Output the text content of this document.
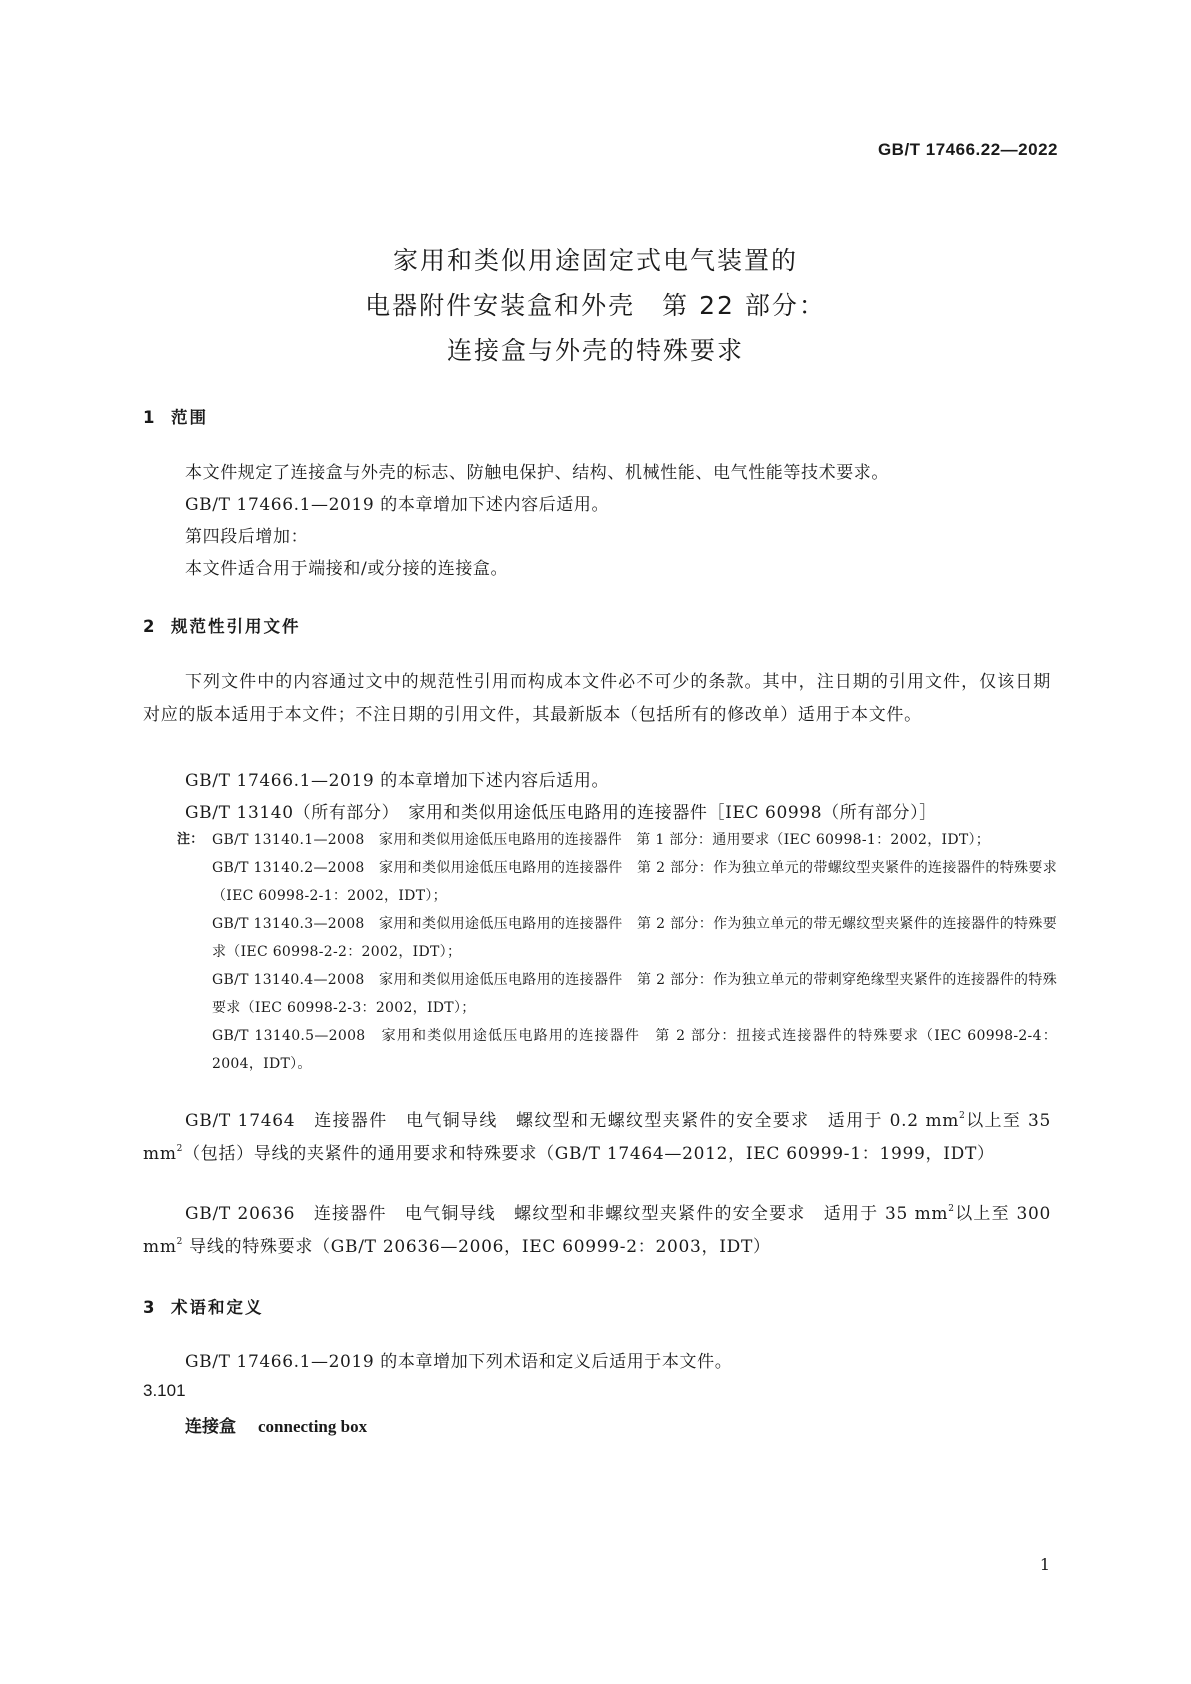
GB/T 17466.22—2022
家用和类似用途固定式电气装置的
电器附件安装盒和外壳　第 22 部分：
连接盒与外壳的特殊要求
1 范围
本文件规定了连接盒与外壳的标志、防触电保护、结构、机械性能、电气性能等技术要求。
GB/T 17466.1—2019 的本章增加下述内容后适用。
第四段后增加：
本文件适合用于端接和/或分接的连接盒。
2 规范性引用文件
下列文件中的内容通过文中的规范性引用而构成本文件必不可少的条款。其中，注日期的引用文件，仅该日期对应的版本适用于本文件；不注日期的引用文件，其最新版本（包括所有的修改单）适用于本文件。
GB/T 17466.1—2019 的本章增加下述内容后适用。
GB/T 13140（所有部分）　家用和类似用途低压电路用的连接器件［IEC 60998（所有部分）］
注： GB/T 13140.1—2008　家用和类似用途低压电路用的连接器件　第 1 部分：通用要求（IEC 60998-1：2002，IDT）；
GB/T 13140.2—2008　家用和类似用途低压电路用的连接器件　第 2 部分：作为独立单元的带螺纹型夹紧件的连接器件的特殊要求（IEC 60998-2-1：2002，IDT）；
GB/T 13140.3—2008　家用和类似用途低压电路用的连接器件　第 2 部分：作为独立单元的带无螺纹型夹紧件的连接器件的特殊要求（IEC 60998-2-2：2002，IDT）；
GB/T 13140.4—2008　家用和类似用途低压电路用的连接器件　第 2 部分：作为独立单元的带刺穿绝缘型夹紧件的连接器件的特殊要求（IEC 60998-2-3：2002，IDT）；
GB/T 13140.5—2008　家用和类似用途低压电路用的连接器件　第 2 部分：扭接式连接器件的特殊要求（IEC 60998-2-4：2004，IDT）。
GB/T 17464　连接器件　电气铜导线　螺纹型和无螺纹型夹紧件的安全要求　适用于 0.2 $mm^2$以上至 35 $mm^2$（包括）导线的夹紧件的通用要求和特殊要求（GB/T 17464—2012，IEC 60999-1：1999，IDT）
GB/T 20636　连接器件　电气铜导线　螺纹型和非螺纹型夹紧件的安全要求　适用于 35 $mm^2$以上至 300 $mm^2$ 导线的特殊要求（GB/T 20636—2006，IEC 60999-2：2003，IDT）
3 术语和定义
GB/T 17466.1—2019 的本章增加下列术语和定义后适用于本文件。
3.101
连接盒 connecting box
1
